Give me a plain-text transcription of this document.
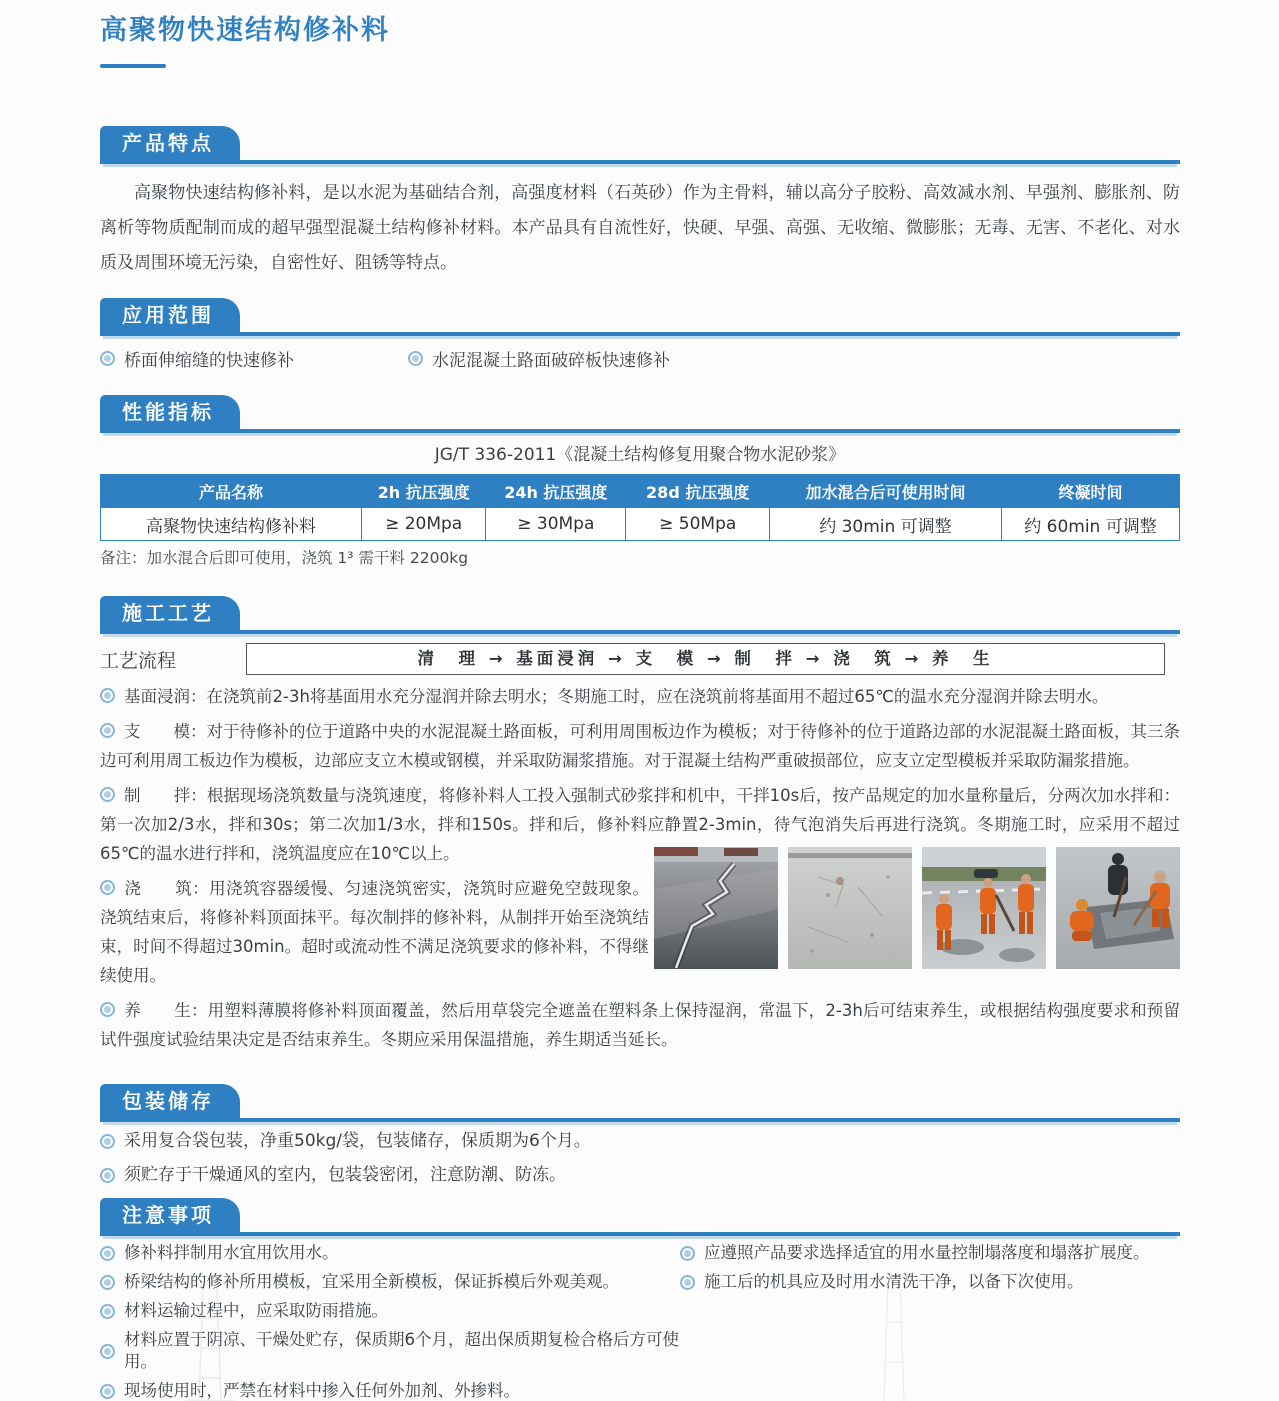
高聚物快速结构修补料
产品特点

高聚物快速结构修补料，是以水泥为基础结合剂，高强度材料（石英砂）作为主骨料，辅以高分子胶粉、高效减水剂、早强剂、膨胀剂、防离析等物质配制而成的超早强型混凝土结构修补材料。本产品具有自流性好，快硬、早强、高强、无收缩、微膨胀；无毒、无害、不老化、对水质及周围环境无污染，自密性好、阻锈等特点。

应用范围
桥面伸缩缝的快速修补	水泥混凝土路面破碎板快速修补
性能指标
JG/T 336-2011《混凝土结构修复用聚合物水泥砂浆》
产品名称	2h 抗压强度	24h 抗压强度	28d 抗压强度	加水混合后可使用时间	终凝时间
高聚物快速结构修补料	≥ 20Mpa	≥ 30Mpa	≥ 50Mpa	约 30min 可调整	约 60min 可调整
备注：加水混合后即可使用，浇筑 1³ 需干料 2200kg
施工工艺
工艺流程	清　理 → 基面浸润 → 支　模 → 制　拌 → 浇　筑 → 养　生

基面浸润：在浇筑前2-3h将基面用水充分湿润并除去明水；冬期施工时，应在浇筑前将基面用不超过65℃的温水充分湿润并除去明水。

支　　模：对于待修补的位于道路中央的水泥混凝土路面板，可利用周围板边作为模板；对于待修补的位于道路边部的水泥混凝土路面板，其三条边可利用周工板边作为模板，边部应支立木模或钢模，并采取防漏浆措施。对于混凝土结构严重破损部位，应支立定型模板并采取防漏浆措施。

制　　拌：根据现场浇筑数量与浇筑速度，将修补料人工投入强制式砂浆拌和机中，干拌10s后，按产品规定的加水量称量后，分两次加水拌和：第一次加2/3水，拌和30s；第二次加1/3水，拌和150s。拌和后，修补料应静置2-3min，待气泡消失后再进行浇筑。冬期施工时，应采用不超过65℃的温水进行拌和，浇筑温度应在10℃以上。

浇　　筑：用浇筑容器缓慢、匀速浇筑密实，浇筑时应避免空鼓现象。浇筑结束后，将修补料顶面抹平。每次制拌的修补料，从制拌开始至浇筑结束，时间不得超过30min。超时或流动性不满足浇筑要求的修补料，不得继续使用。

养　　生：用塑料薄膜将修补料顶面覆盖，然后用草袋完全遮盖在塑料条上保持湿润，常温下，2-3h后可结束养生，或根据结构强度要求和预留试件强度试验结果决定是否结束养生。冬期应采用保温措施，养生期适当延长。

包装储存

采用复合袋包装，净重50kg/袋，包装储存，保质期为6个月。

须贮存于干燥通风的室内，包装袋密闭，注意防潮、防冻。

注意事项
修补料拌制用水宜用饮用水。	应遵照产品要求选择适宜的用水量控制塌落度和塌落扩展度。
桥梁结构的修补所用模板，宜采用全新模板，保证拆模后外观美观。	施工后的机具应及时用水清洗干净，以备下次使用。
材料运输过程中，应采取防雨措施。
材料应置于阴凉、干燥处贮存，保质期6个月，超出保质期复检合格后方可使用。
现场使用时，严禁在材料中掺入任何外加剂、外掺料。
